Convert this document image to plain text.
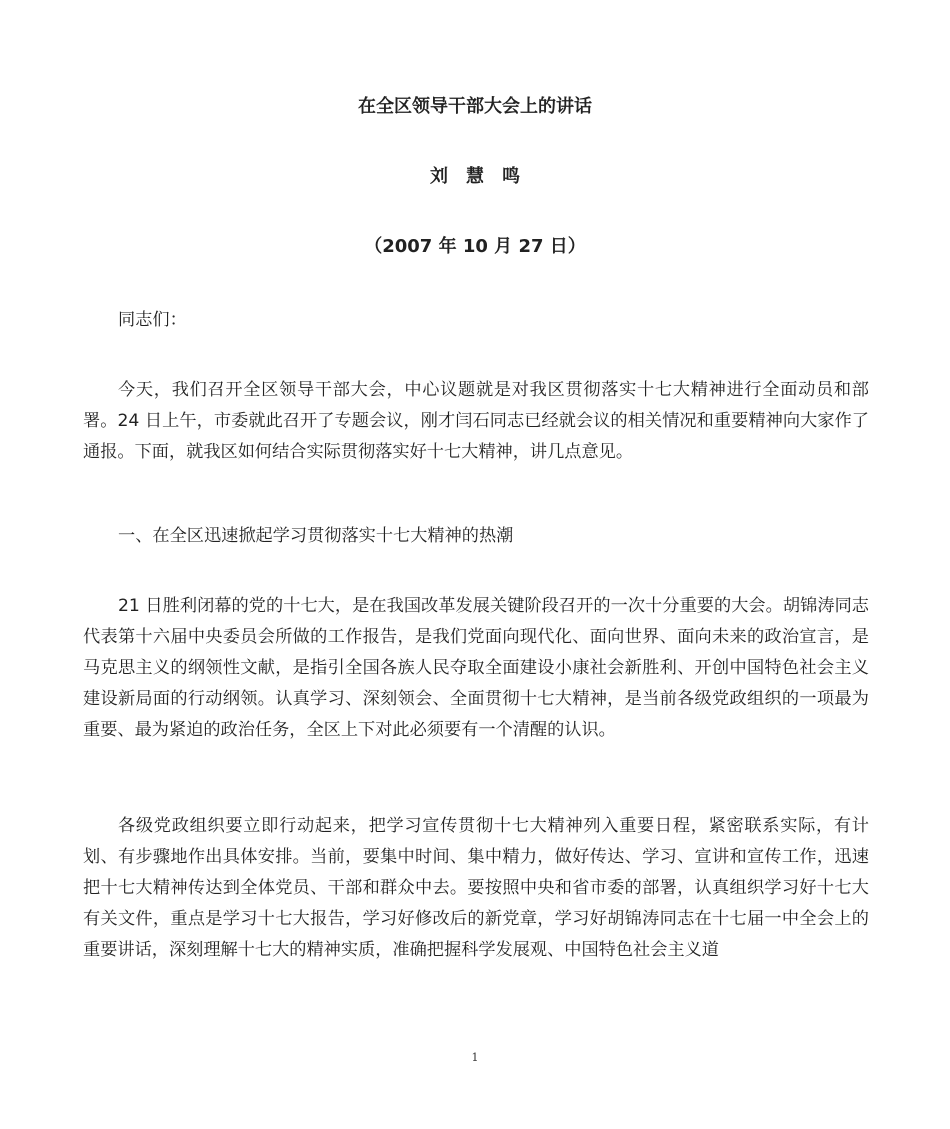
在全区领导干部大会上的讲话
刘　慧　鸣
（2007 年 10 月 27 日）

同志们：

今天，我们召开全区领导干部大会，中心议题就是对我区贯彻落实十七大精神进行全面动员和部署。24 日上午，市委就此召开了专题会议，刚才闫石同志已经就会议的相关情况和重要精神向大家作了通报。下面，就我区如何结合实际贯彻落实好十七大精神，讲几点意见。

一、在全区迅速掀起学习贯彻落实十七大精神的热潮

21 日胜利闭幕的党的十七大，是在我国改革发展关键阶段召开的一次十分重要的大会。胡锦涛同志代表第十六届中央委员会所做的工作报告，是我们党面向现代化、面向世界、面向未来的政治宣言，是马克思主义的纲领性文献，是指引全国各族人民夺取全面建设小康社会新胜利、开创中国特色社会主义建设新局面的行动纲领。认真学习、深刻领会、全面贯彻十七大精神，是当前各级党政组织的一项最为重要、最为紧迫的政治任务，全区上下对此必须要有一个清醒的认识。

各级党政组织要立即行动起来，把学习宣传贯彻十七大精神列入重要日程，紧密联系实际，有计划、有步骤地作出具体安排。当前，要集中时间、集中精力，做好传达、学习、宣讲和宣传工作，迅速把十七大精神传达到全体党员、干部和群众中去。要按照中央和省市委的部署，认真组织学习好十七大有关文件，重点是学习十七大报告，学习好修改后的新党章，学习好胡锦涛同志在十七届一中全会上的重要讲话，深刻理解十七大的精神实质，准确把握科学发展观、中国特色社会主义道

1
